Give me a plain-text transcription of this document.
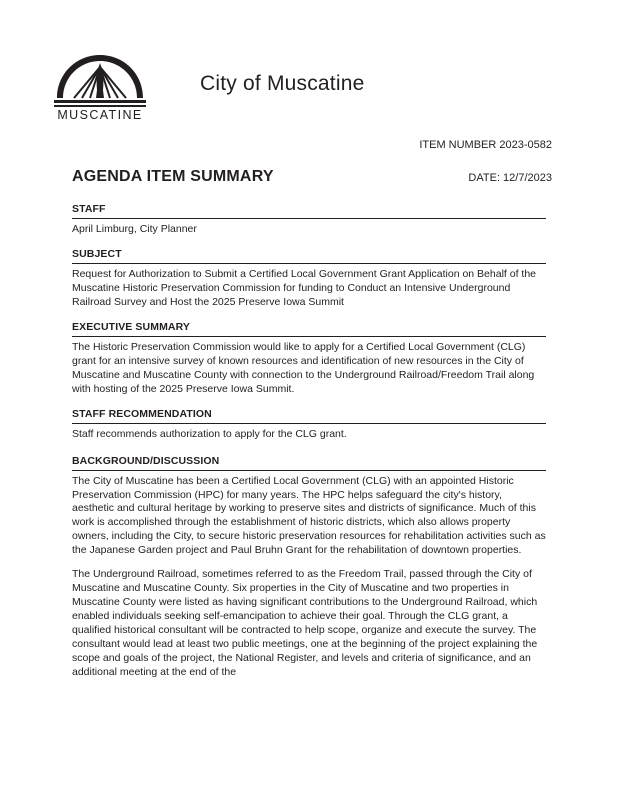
MUSCATINE
City of Muscatine
ITEM NUMBER 2023-0582
DATE: 12/7/2023
AGENDA ITEM SUMMARY
STAFF

April Limburg, City Planner

SUBJECT

Request for Authorization to Submit a Certified Local Government Grant Application on Behalf of the Muscatine Historic Preservation Commission for funding to Conduct an Intensive Underground Railroad Survey and Host the 2025 Preserve Iowa Summit

EXECUTIVE SUMMARY

The Historic Preservation Commission would like to apply for a Certified Local Government (CLG) grant for an intensive survey of known resources and identification of new resources in the City of Muscatine and Muscatine County with connection to the Underground Railroad/Freedom Trail along with hosting of the 2025 Preserve Iowa Summit.

STAFF RECOMMENDATION

Staff recommends authorization to apply for the CLG grant.

BACKGROUND/DISCUSSION

The City of Muscatine has been a Certified Local Government (CLG) with an appointed Historic Preservation Commission (HPC) for many years. The HPC helps safeguard the city's history, aesthetic and cultural heritage by working to preserve sites and districts of significance. Much of this work is accomplished through the establishment of historic districts, which also allows property owners, including the City, to secure historic preservation resources for rehabilitation activities such as the Japanese Garden project and Paul Bruhn Grant for the rehabilitation of downtown properties.

The Underground Railroad, sometimes referred to as the Freedom Trail, passed through the City of Muscatine and Muscatine County. Six properties in the City of Muscatine and two properties in Muscatine County were listed as having significant contributions to the Underground Railroad, which enabled individuals seeking self-emancipation to achieve their goal. Through the CLG grant, a qualified historical consultant will be contracted to help scope, organize and execute the survey. The consultant would lead at least two public meetings, one at the beginning of the project explaining the scope and goals of the project, the National Register, and levels and criteria of significance, and an additional meeting at the end of the
